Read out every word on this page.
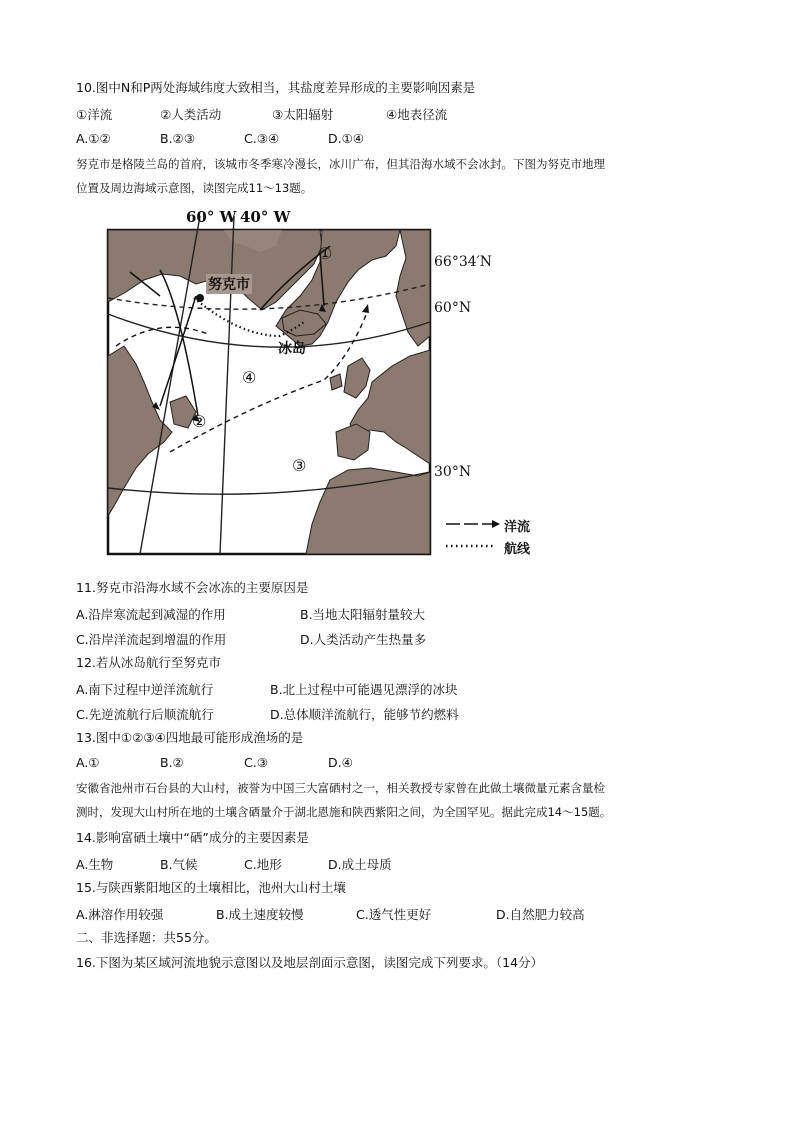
10.图中N和P两处海域纬度大致相当，其盐度差异形成的主要影响因素是
①洋流	②人类活动	③太阳辐射	④地表径流
A.①②	B.②③	C.③④	D.①④
努克市是格陵兰岛的首府，该城市冬季寒冷漫长，冰川广布，但其沿海水域不会冰封。下图为努克市地理
位置及周边海域示意图，读图完成11～13题。
60° W 40° W
66°34′N
60°N
30°N
努克市
冰岛
①
②
③
④
洋流
航线
11.努克市沿海水域不会冰冻的主要原因是
A.沿岸寒流起到减湿的作用	B.当地太阳辐射量较大
C.沿岸洋流起到增温的作用	D.人类活动产生热量多
12.若从冰岛航行至努克市
A.南下过程中逆洋流航行	B.北上过程中可能遇见漂浮的冰块
C.先逆流航行后顺流航行	D.总体顺洋流航行，能够节约燃料
13.图中①②③④四地最可能形成渔场的是
A.①	B.②	C.③	D.④
安徽省池州市石台县的大山村，被誉为中国三大富硒村之一，相关教授专家曾在此做土壤微量元素含量检
测时，发现大山村所在地的土壤含硒量介于湖北恩施和陕西紫阳之间，为全国罕见。据此完成14～15题。
14.影响富硒土壤中“硒”成分的主要因素是
A.生物	B.气候	C.地形	D.成土母质
15.与陕西紫阳地区的土壤相比，池州大山村土壤
A.淋溶作用较强	B.成土速度较慢	C.透气性更好	D.自然肥力较高
二、非选择题：共55分。
16.下图为某区域河流地貌示意图以及地层剖面示意图，读图完成下列要求。（14分）
